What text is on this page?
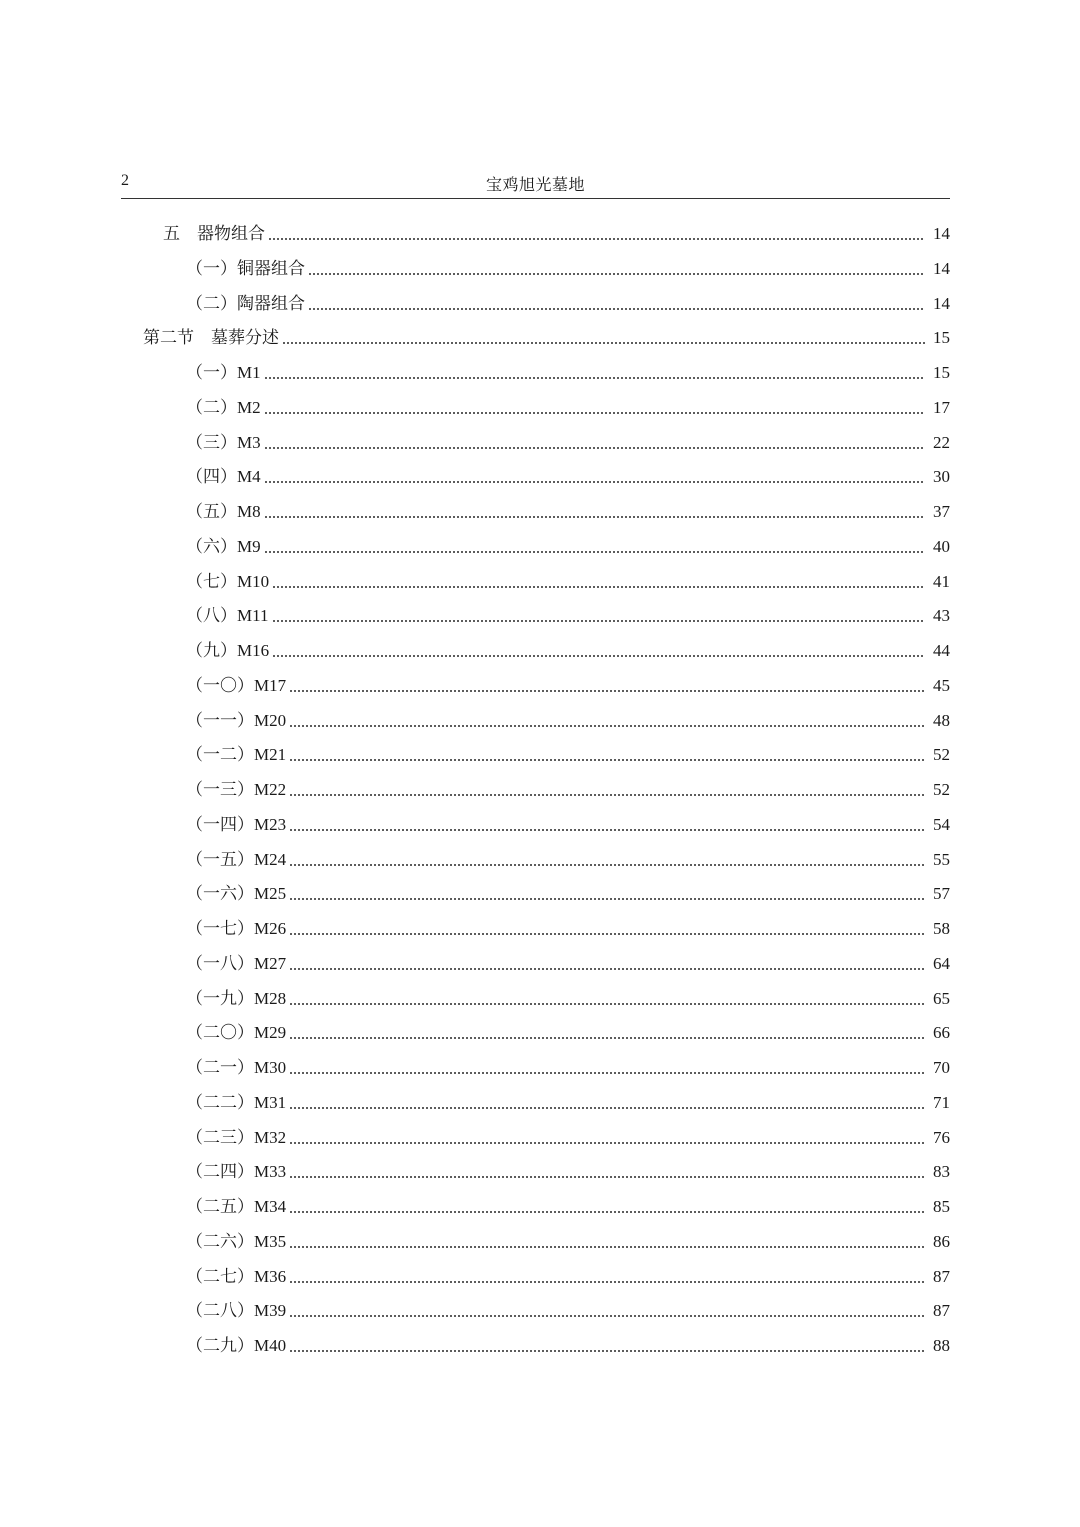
2	宝鸡旭光墓地
五　器物组合	14
（一）铜器组合	14
（二）陶器组合	14
第二节　墓葬分述	15
（一）M1	15
（二）M2	17
（三）M3	22
（四）M4	30
（五）M8	37
（六）M9	40
（七）M10	41
（八）M11	43
（九）M16	44
（一〇）M17	45
（一一）M20	48
（一二）M21	52
（一三）M22	52
（一四）M23	54
（一五）M24	55
（一六）M25	57
（一七）M26	58
（一八）M27	64
（一九）M28	65
（二〇）M29	66
（二一）M30	70
（二二）M31	71
（二三）M32	76
（二四）M33	83
（二五）M34	85
（二六）M35	86
（二七）M36	87
（二八）M39	87
（二九）M40	88
